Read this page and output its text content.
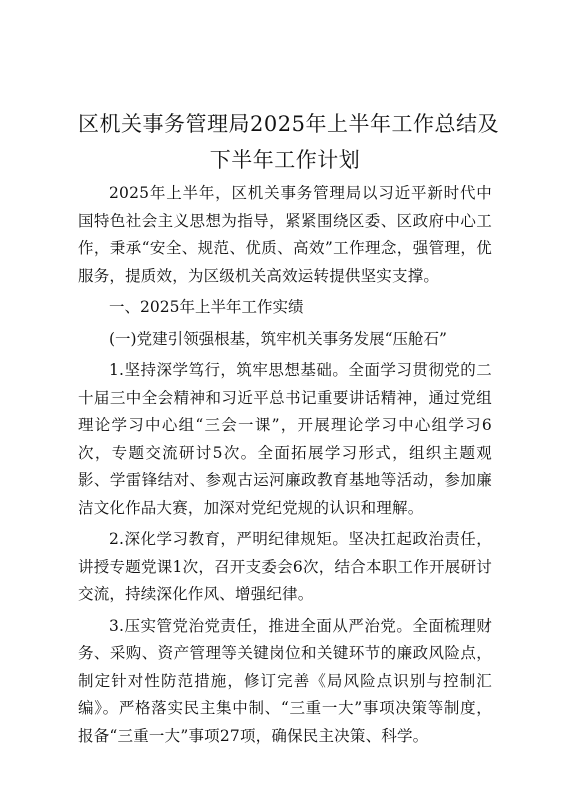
区机关事务管理局2025年上半年工作总结及
下半年工作计划

2025年上半年，区机关事务管理局以习近平新时代中国特色社会主义思想为指导，紧紧围绕区委、区政府中心工作，秉承“安全、规范、优质、高效”工作理念，强管理，优服务，提质效，为区级机关高效运转提供坚实支撑。

一、2025年上半年工作实绩

(一)党建引领强根基，筑牢机关事务发展“压舱石”

1.坚持深学笃行，筑牢思想基础。全面学习贯彻党的二十届三中全会精神和习近平总书记重要讲话精神，通过党组理论学习中心组“三会一课”，开展理论学习中心组学习6次，专题交流研讨5次。全面拓展学习形式，组织主题观影、学雷锋结对、参观古运河廉政教育基地等活动，参加廉洁文化作品大赛，加深对党纪党规的认识和理解。

2.深化学习教育，严明纪律规矩。坚决扛起政治责任，讲授专题党课1次，召开支委会6次，结合本职工作开展研讨交流，持续深化作风、增强纪律。

3.压实管党治党责任，推进全面从严治党。全面梳理财务、采购、资产管理等关键岗位和关键环节的廉政风险点，制定针对性防范措施，修订完善《局风险点识别与控制汇编》。严格落实民主集中制、“三重一大”事项决策等制度，报备“三重一大”事项27项，确保民主决策、科学。
